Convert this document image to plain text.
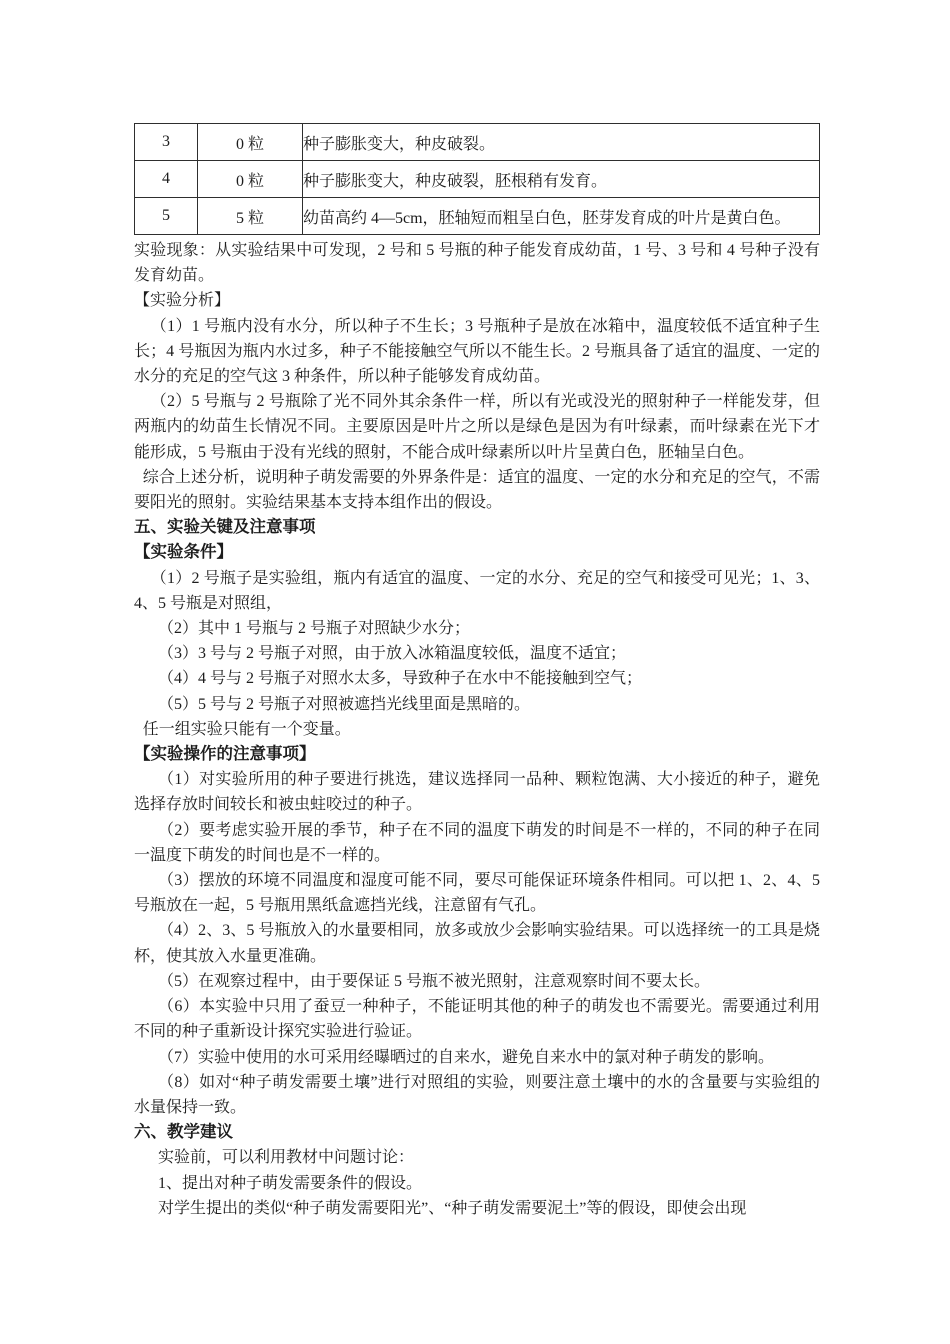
3	0 粒	种子膨胀变大，种皮破裂。
4	0 粒	种子膨胀变大，种皮破裂，胚根稍有发育。
5	5 粒	幼苗高约 4—5cm，胚轴短而粗呈白色，胚芽发育成的叶片是黄白色。

实验现象：从实验结果中可发现，2 号和 5 号瓶的种子能发育成幼苗，1 号、3 号和 4 号种子没有发育幼苗。

【实验分析】

（1）1 号瓶内没有水分，所以种子不生长；3 号瓶种子是放在冰箱中，温度较低不适宜种子生长；4 号瓶因为瓶内水过多，种子不能接触空气所以不能生长。2 号瓶具备了适宜的温度、一定的水分的充足的空气这 3 种条件，所以种子能够发育成幼苗。

（2）5 号瓶与 2 号瓶除了光不同外其余条件一样，所以有光或没光的照射种子一样能发芽，但两瓶内的幼苗生长情况不同。主要原因是叶片之所以是绿色是因为有叶绿素，而叶绿素在光下才能形成，5 号瓶由于没有光线的照射，不能合成叶绿素所以叶片呈黄白色，胚轴呈白色。

综合上述分析，说明种子萌发需要的外界条件是：适宜的温度、一定的水分和充足的空气，不需要阳光的照射。实验结果基本支持本组作出的假设。

五、实验关键及注意事项

【实验条件】

（1）2 号瓶子是实验组，瓶内有适宜的温度、一定的水分、充足的空气和接受可见光；1、3、4、5 号瓶是对照组，

（2）其中 1 号瓶与 2 号瓶子对照缺少水分；

（3）3 号与 2 号瓶子对照，由于放入冰箱温度较低，温度不适宜；

（4）4 号与 2 号瓶子对照水太多，导致种子在水中不能接触到空气；

（5）5 号与 2 号瓶子对照被遮挡光线里面是黑暗的。

任一组实验只能有一个变量。

【实验操作的注意事项】

（1）对实验所用的种子要进行挑选，建议选择同一品种、颗粒饱满、大小接近的种子，避免选择存放时间较长和被虫蛀咬过的种子。

（2）要考虑实验开展的季节，种子在不同的温度下萌发的时间是不一样的，不同的种子在同一温度下萌发的时间也是不一样的。

（3）摆放的环境不同温度和湿度可能不同，要尽可能保证环境条件相同。可以把 1、2、4、5 号瓶放在一起，5 号瓶用黑纸盒遮挡光线，注意留有气孔。

（4）2、3、5 号瓶放入的水量要相同，放多或放少会影响实验结果。可以选择统一的工具是烧杯，使其放入水量更准确。

（5）在观察过程中，由于要保证 5 号瓶不被光照射，注意观察时间不要太长。

（6）本实验中只用了蚕豆一种种子，不能证明其他的种子的萌发也不需要光。需要通过利用不同的种子重新设计探究实验进行验证。

（7）实验中使用的水可采用经曝晒过的自来水，避免自来水中的氯对种子萌发的影响。

（8）如对“种子萌发需要土壤”进行对照组的实验，则要注意土壤中的水的含量要与实验组的水量保持一致。

六、教学建议

实验前，可以利用教材中问题讨论：

1、提出对种子萌发需要条件的假设。

对学生提出的类似“种子萌发需要阳光”、“种子萌发需要泥土”等的假设，即使会出现
